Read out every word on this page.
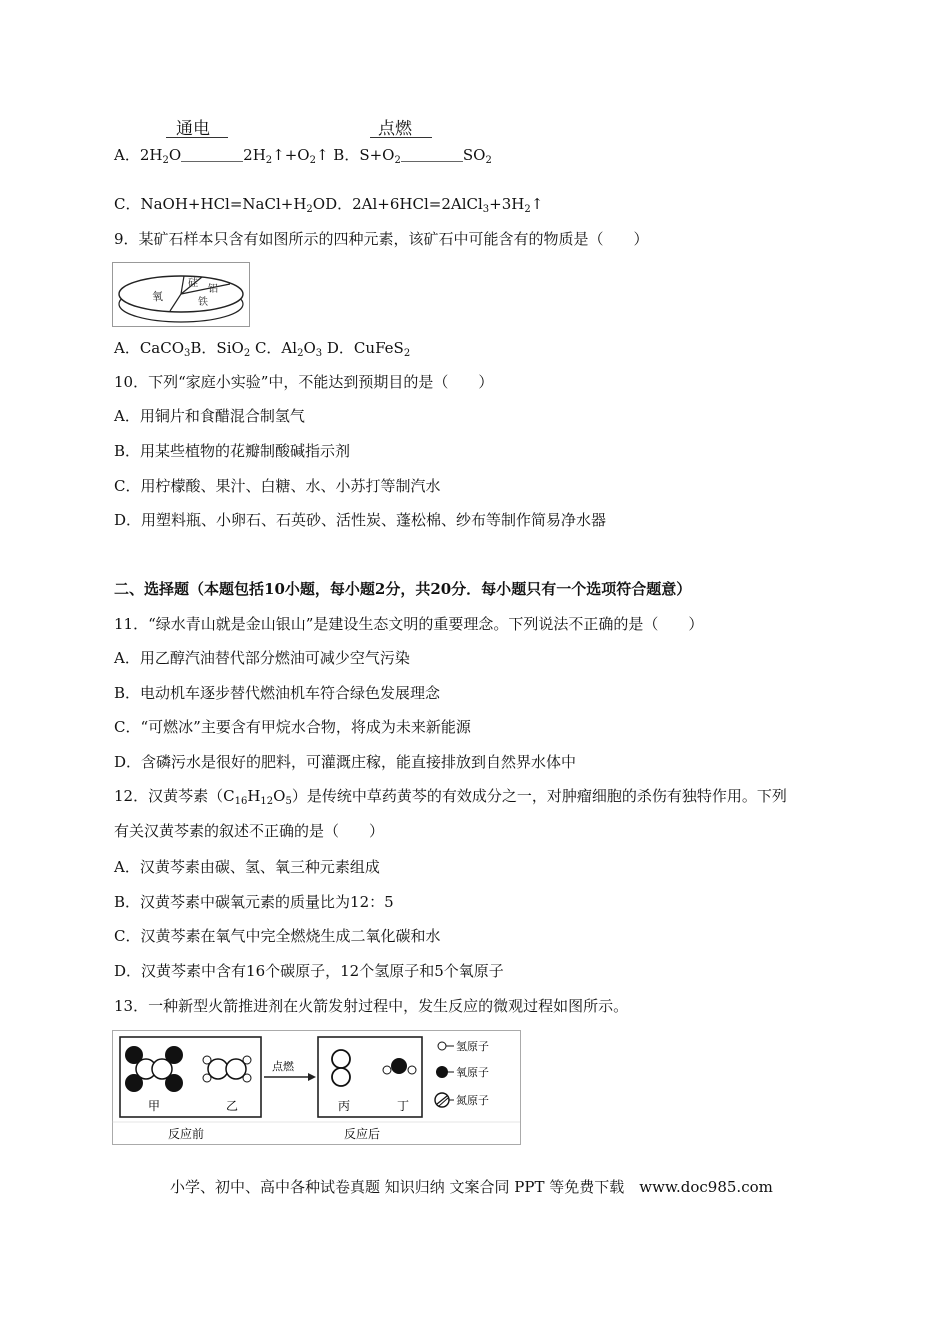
通电	点燃
A．$2H_2O$	$2H_2↑+O_2↑$ B．$S+O_2$	$SO_2$
C．$NaOH+HCl=NaCl+H_2OD$．$2Al+6HCl=2AlCl_3+3H_2↑$
9．某矿石样本只含有如图所示的四种元素，该矿石中可能含有的物质是（　　）
氧
硅
铝
铁
A．CaCO$_3$B．SiO$_2$ C．$Al_2O_3$ D．CuFeS$_2$
10．下列“家庭小实验”中，不能达到预期目的是（　　）
A．用铜片和食醋混合制氢气
B．用某些植物的花瓣制酸碱指示剂
C．用柠檬酸、果汁、白糖、水、小苏打等制汽水
D．用塑料瓶、小卵石、石英砂、活性炭、蓬松棉、纱布等制作简易净水器
二、选择题（本题包括10小题，每小题2分，共20分．每小题只有一个选项符合题意）
11．“绿水青山就是金山银山”是建设生态文明的重要理念。下列说法不正确的是（　　）
A．用乙醇汽油替代部分燃油可减少空气污染
B．电动机车逐步替代燃油机车符合绿色发展理念
C．“可燃冰”主要含有甲烷水合物，将成为未来新能源
D．含磷污水是很好的肥料，可灌溉庄稼，能直接排放到自然界水体中
12．汉黄芩素$(C_{16}H_{12}O_5)$是传统中草药黄芩的有效成分之一，对肿瘤细胞的杀伤有独特作用。下列
有关汉黄芩素的叙述不正确的是（　　）
A．汉黄芩素由碳、氢、氧三种元素组成
B．汉黄芩素中碳氧元素的质量比为12：5
C．汉黄芩素在氧气中完全燃烧生成二氧化碳和水
D．汉黄芩素中含有16个碳原子，12个氢原子和5个氧原子
13．一种新型火箭推进剂在火箭发射过程中，发生反应的微观过程如图所示。
甲	乙
点燃
丙	丁
氢原子
氧原子
氮原子
反应前	反应后
小学、初中、高中各种试卷真题 知识归纳 文案合同 PPT 等免费下载　www.doc985.com
